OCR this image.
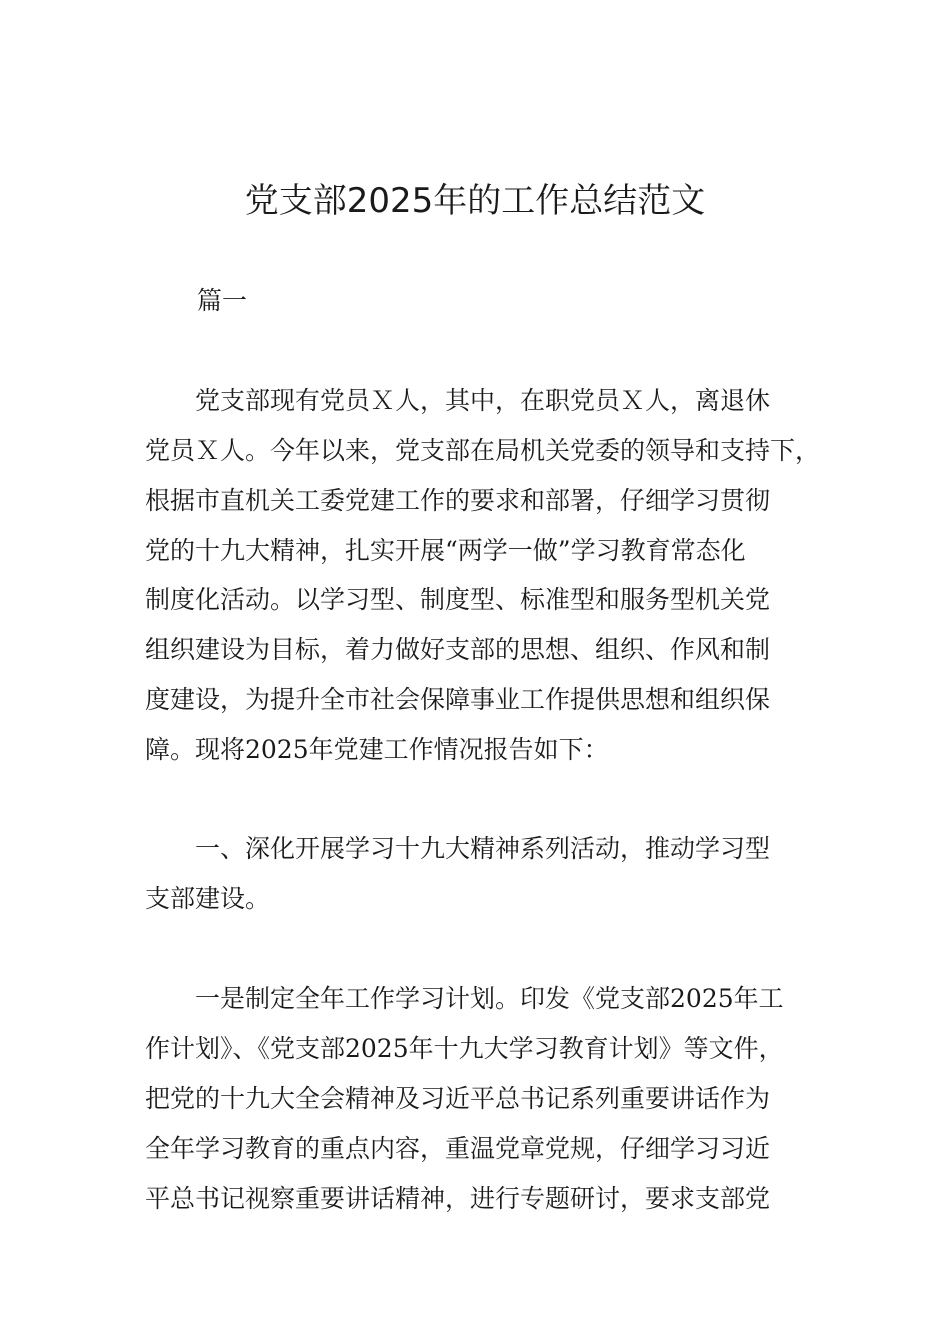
党支部2025年的工作总结范文
篇一
　　党支部现有党员Ｘ人，其中，在职党员Ｘ人，离退休
党员Ｘ人。今年以来，党支部在局机关党委的领导和支持下，
根据市直机关工委党建工作的要求和部署，仔细学习贯彻
党的十九大精神，扎实开展“两学一做”学习教育常态化
制度化活动。以学习型、制度型、标准型和服务型机关党
组织建设为目标，着力做好支部的思想、组织、作风和制
度建设，为提升全市社会保障事业工作提供思想和组织保
障。现将2025年党建工作情况报告如下：
　　一、深化开展学习十九大精神系列活动，推动学习型
支部建设。
　　一是制定全年工作学习计划。印发《党支部2025年工
作计划》、《党支部2025年十九大学习教育计划》等文件，
把党的十九大全会精神及习近平总书记系列重要讲话作为
全年学习教育的重点内容，重温党章党规，仔细学习习近
平总书记视察重要讲话精神，进行专题研讨，要求支部党
